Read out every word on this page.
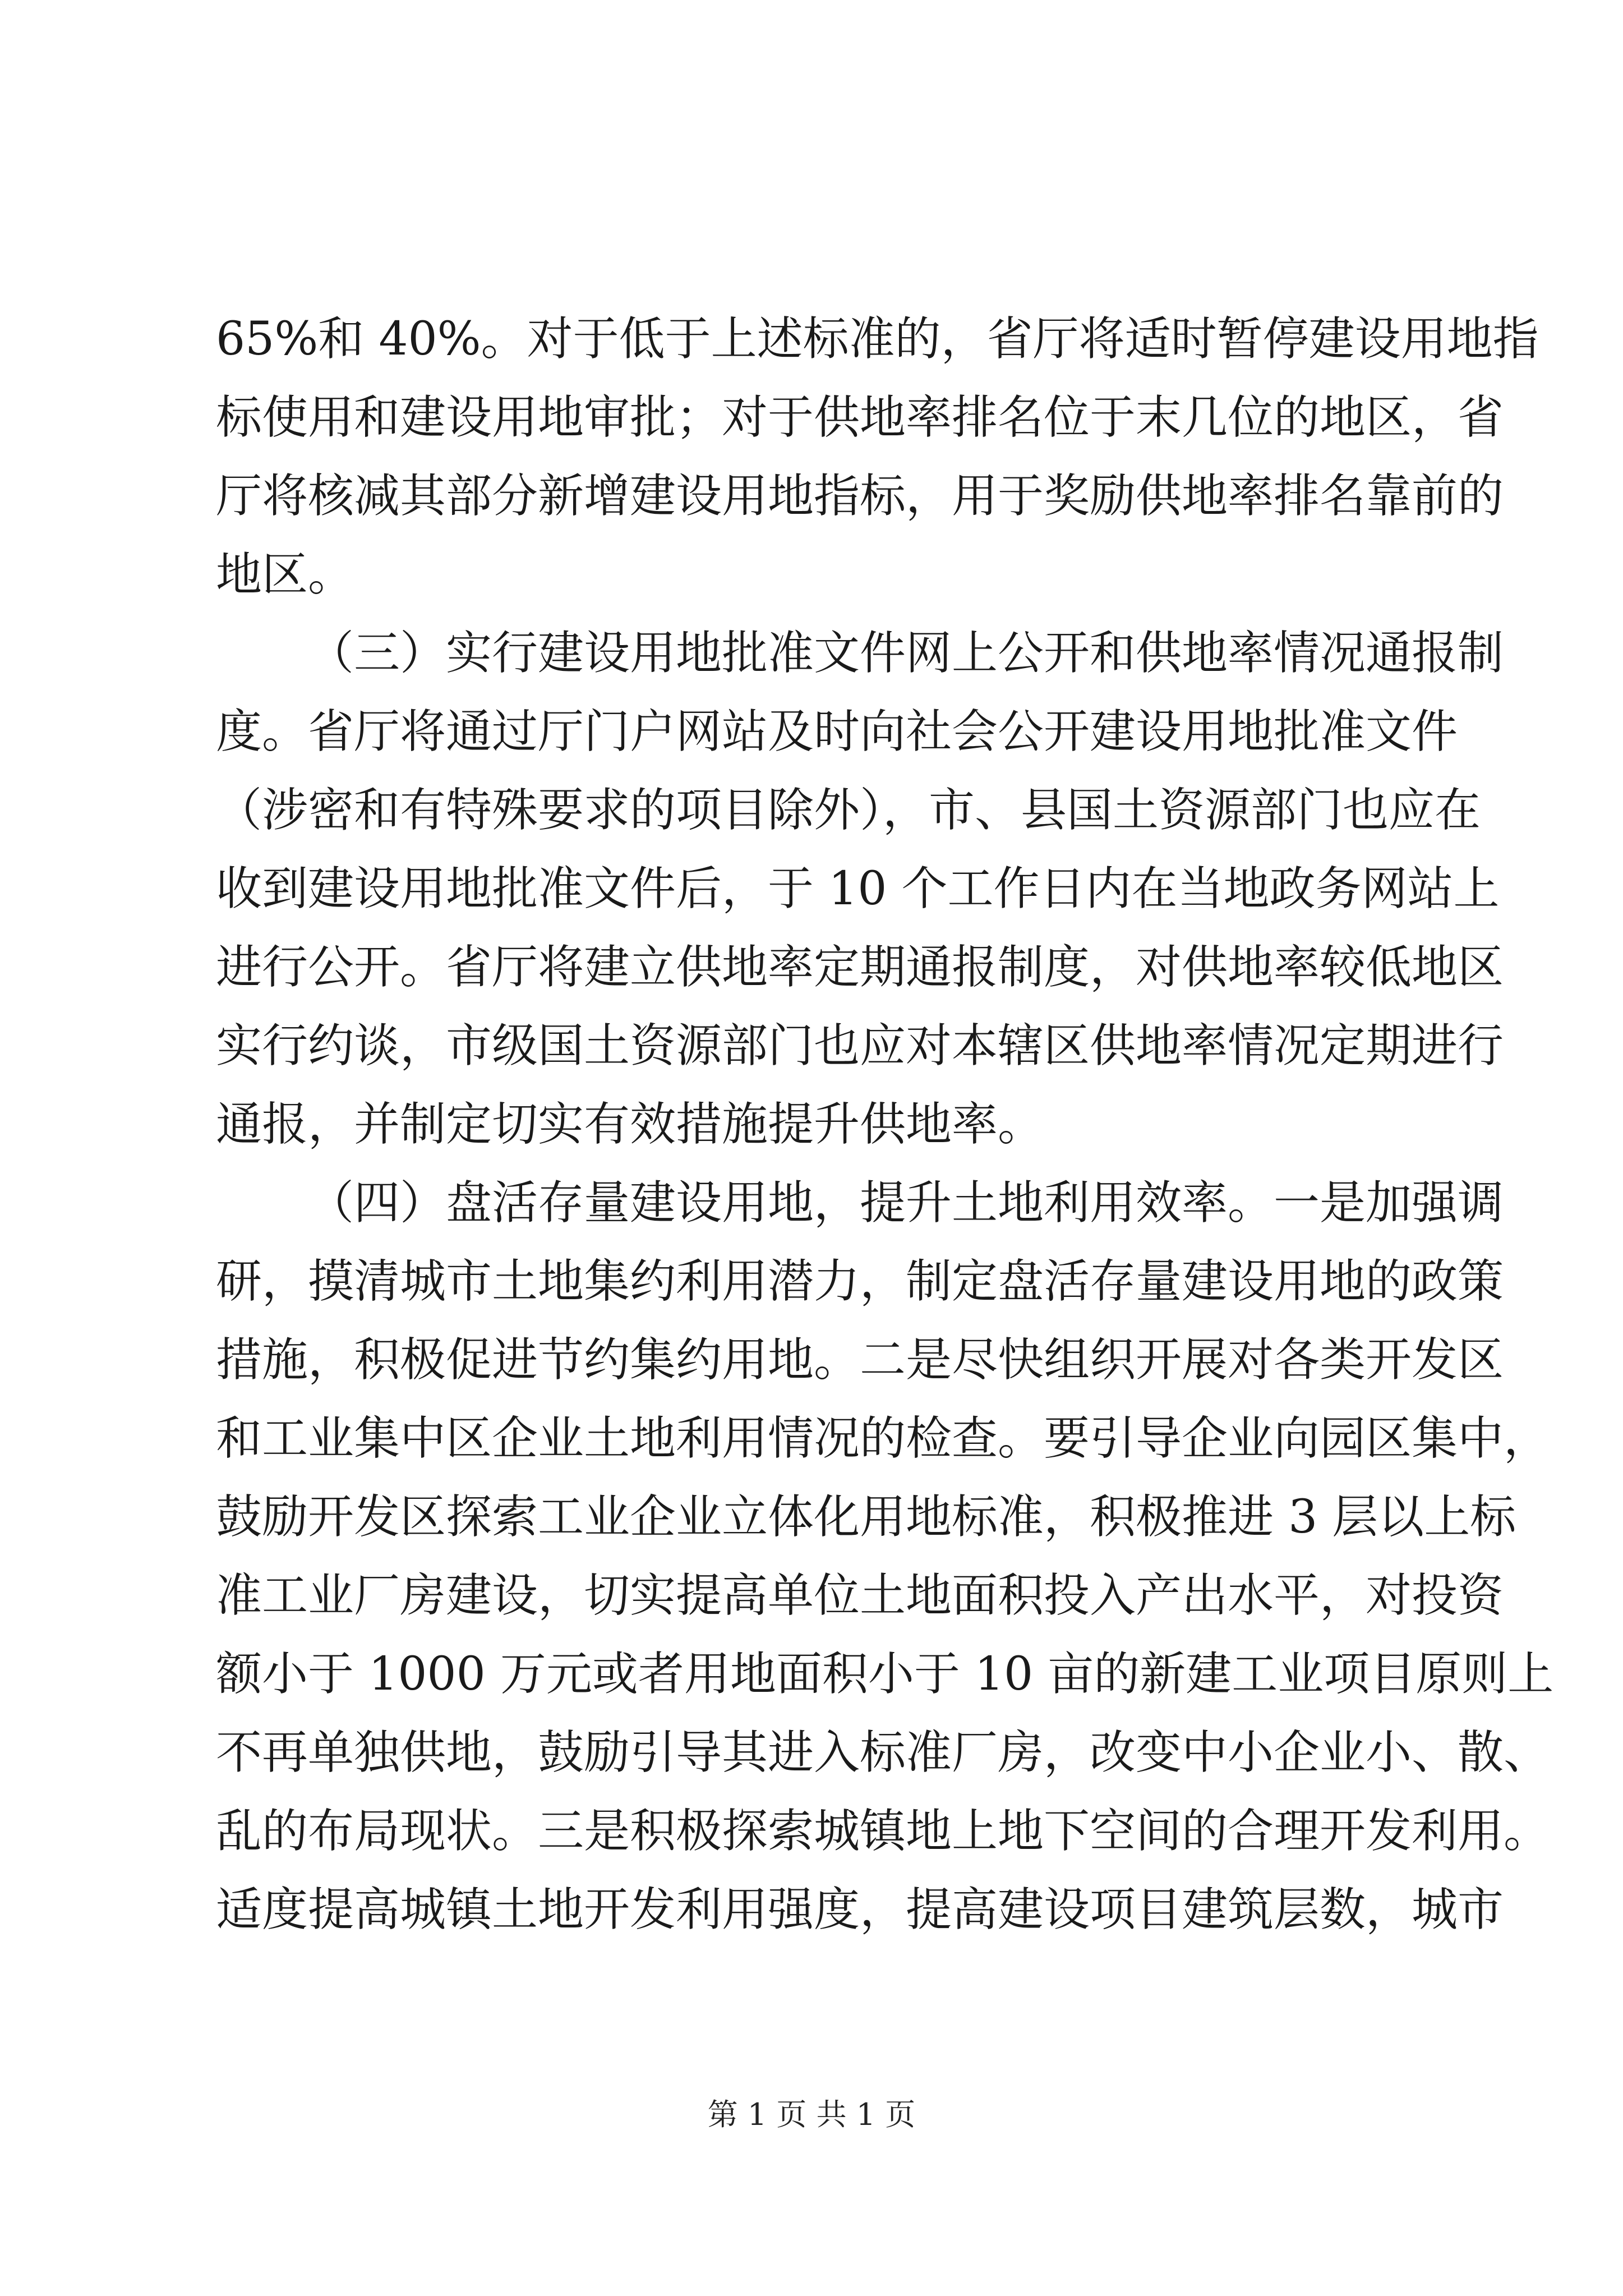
65%和 40%。对于低于上述标准的，省厅将适时暂停建设用地指
标使用和建设用地审批；对于供地率排名位于末几位的地区，省
厅将核减其部分新增建设用地指标，用于奖励供地率排名靠前的
地区。
（三）实行建设用地批准文件网上公开和供地率情况通报制
度。省厅将通过厅门户网站及时向社会公开建设用地批准文件
（涉密和有特殊要求的项目除外），市、县国土资源部门也应在
收到建设用地批准文件后，于 10 个工作日内在当地政务网站上
进行公开。省厅将建立供地率定期通报制度，对供地率较低地区
实行约谈，市级国土资源部门也应对本辖区供地率情况定期进行
通报，并制定切实有效措施提升供地率。
（四）盘活存量建设用地，提升土地利用效率。一是加强调
研，摸清城市土地集约利用潜力，制定盘活存量建设用地的政策
措施，积极促进节约集约用地。二是尽快组织开展对各类开发区
和工业集中区企业土地利用情况的检查。要引导企业向园区集中，
鼓励开发区探索工业企业立体化用地标准，积极推进 3 层以上标
准工业厂房建设，切实提高单位土地面积投入产出水平，对投资
额小于 1000 万元或者用地面积小于 10 亩的新建工业项目原则上
不再单独供地，鼓励引导其进入标准厂房，改变中小企业小、散、
乱的布局现状。三是积极探索城镇地上地下空间的合理开发利用。
适度提高城镇土地开发利用强度，提高建设项目建筑层数，城市
第 1 页 共 1 页
